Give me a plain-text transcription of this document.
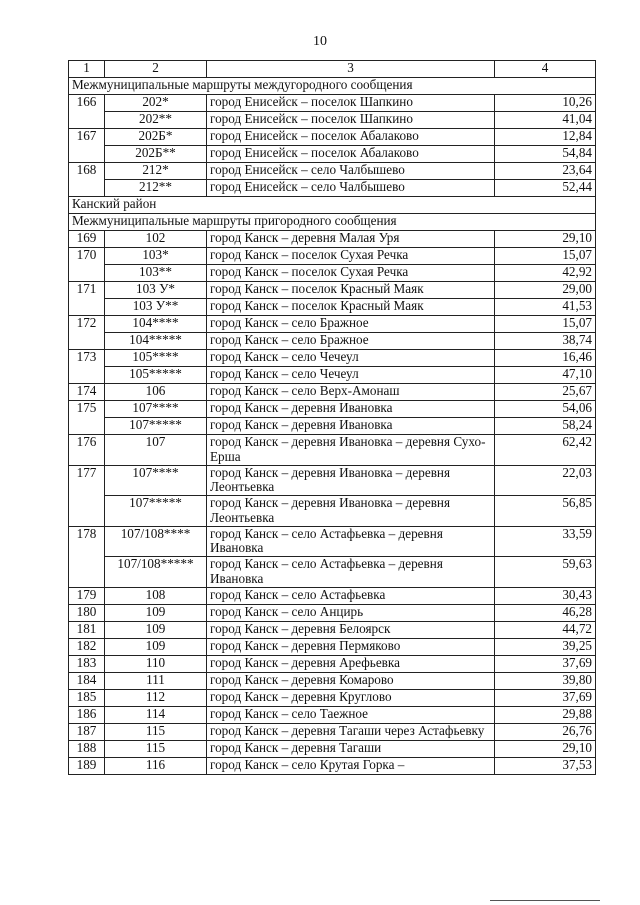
10
1	2	3	4
Межмуниципальные маршруты междугородного сообщения			
166	202*	город Енисейск – поселок Шапкино	10,26
	202**	город Енисейск – поселок Шапкино	41,04
167	202Б*	город Енисейск – поселок Абалаково	12,84
	202Б**	город Енисейск – поселок Абалаково	54,84
168	212*	город Енисейск – село Чалбышево	23,64
	212**	город Енисейск – село Чалбышево	52,44
Канский район			
Межмуниципальные маршруты пригородного сообщения			
169	102	город Канск – деревня Малая Уря	29,10
170	103*	город Канск – поселок Сухая Речка	15,07
	103**	город Канск – поселок Сухая Речка	42,92
171	103 У*	город Канск – поселок Красный Маяк	29,00
	103 У**	город Канск – поселок Красный Маяк	41,53
172	104****	город Канск – село Бражное	15,07
	104*****	город Канск – село Бражное	38,74
173	105****	город Канск – село Чечеул	16,46
	105*****	город Канск – село Чечеул	47,10
174	106	город Канск – село Верх-Амонаш	25,67
175	107****	город Канск – деревня Ивановка	54,06
	107*****	город Канск – деревня Ивановка	58,24
176	107	город Канск – деревня Ивановка – деревня Сухо-Ерша	62,42
177	107****	город Канск – деревня Ивановка – деревня Леонтьевка	22,03
	107*****	город Канск – деревня Ивановка – деревня Леонтьевка	56,85
178	107/108****	город Канск – село Астафьевка – деревня Ивановка	33,59
	107/108*****	город Канск – село Астафьевка – деревня Ивановка	59,63
179	108	город Канск – село Астафьевка	30,43
180	109	город Канск – село Анцирь	46,28
181	109	город Канск – деревня Белоярск	44,72
182	109	город Канск – деревня Пермяково	39,25
183	110	город Канск – деревня Арефьевка	37,69
184	111	город Канск – деревня Комарово	39,80
185	112	город Канск – деревня Круглово	37,69
186	114	город Канск – село Таежное	29,88
187	115	город Канск – деревня Тагаши через Астафьевку	26,76
188	115	город Канск – деревня Тагаши	29,10
189	116	город Канск – село Крутая Горка –	37,53
